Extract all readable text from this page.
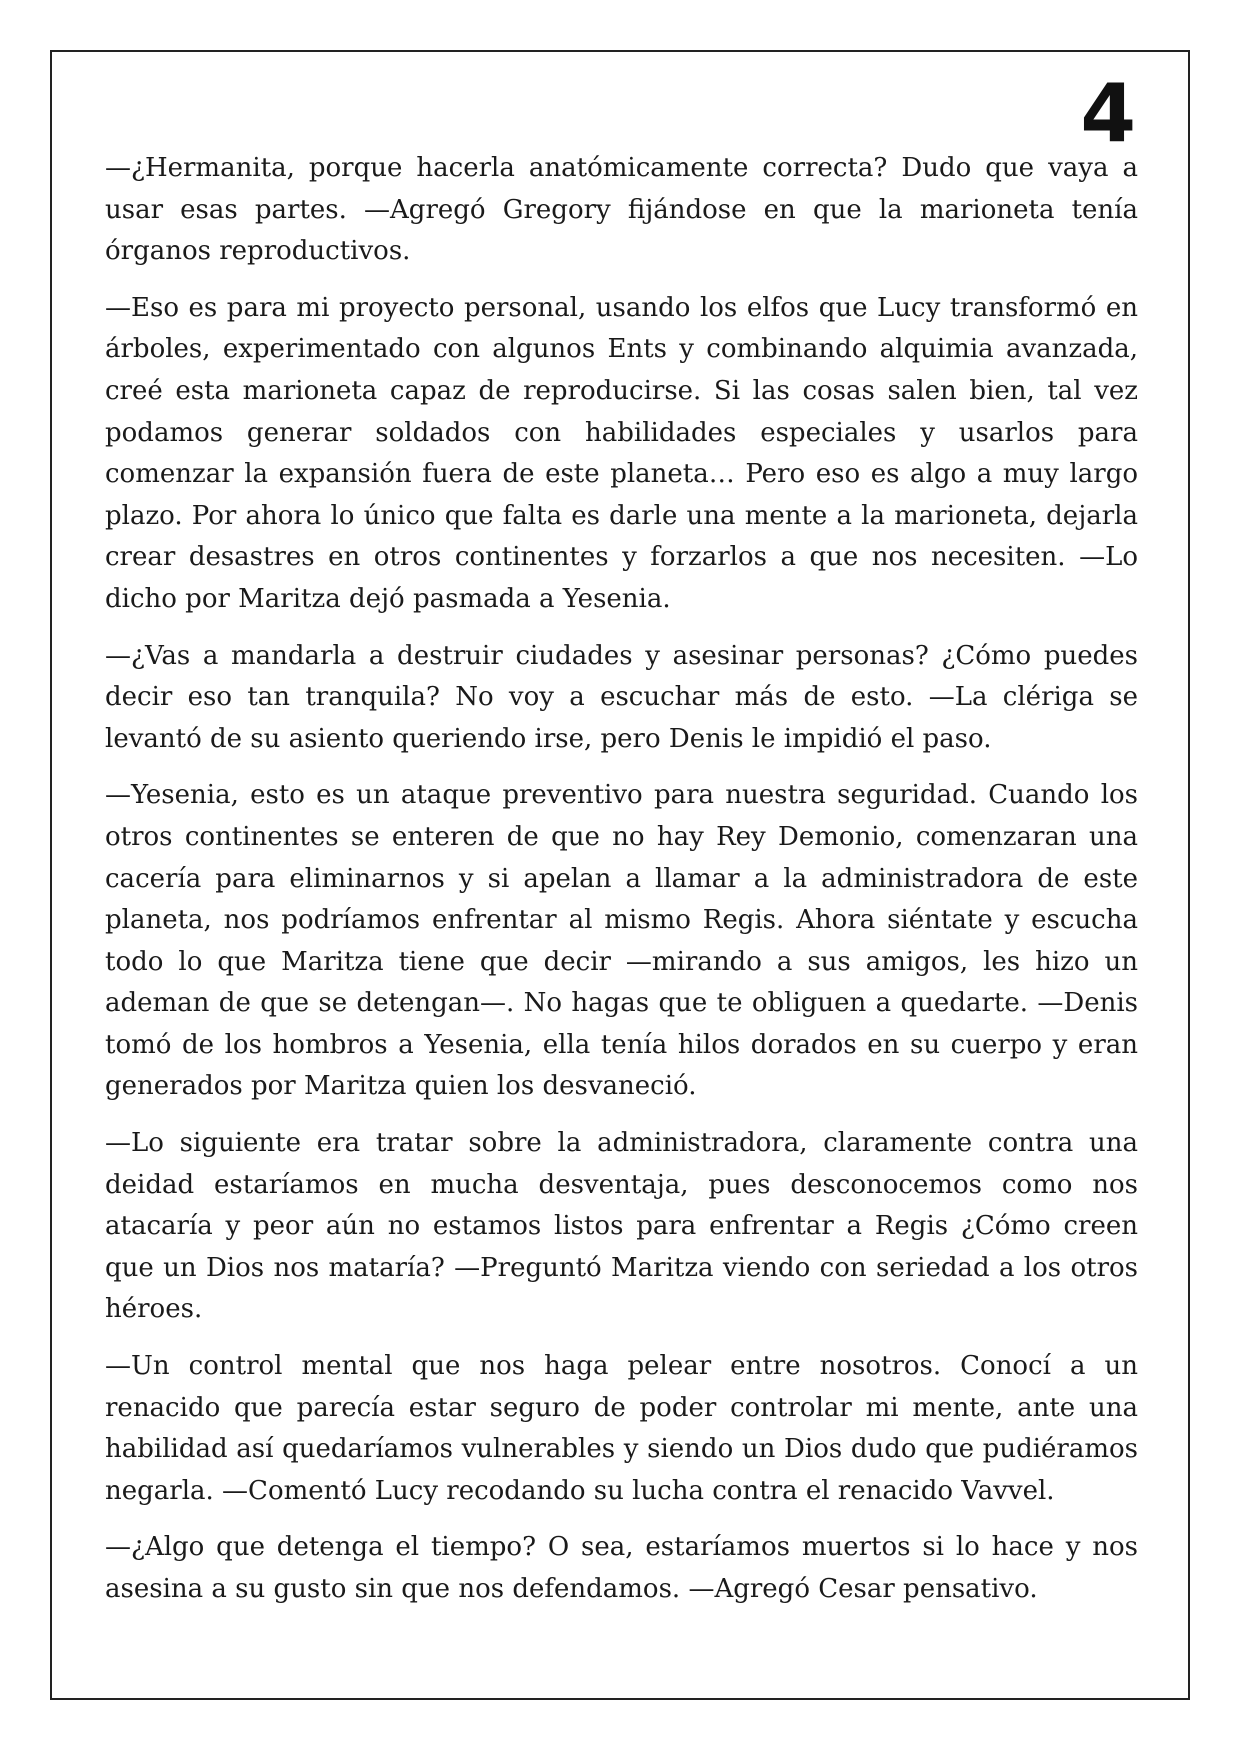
4

—¿Hermanita, porque hacerla anatómicamente correcta? Dudo que vaya a usar esas partes. —Agregó Gregory fijándose en que la marioneta tenía órganos reproductivos.

—Eso es para mi proyecto personal, usando los elfos que Lucy transformó en árboles, experimentado con algunos Ents y combinando alquimia avanzada, creé esta marioneta capaz de reproducirse. Si las cosas salen bien, tal vez podamos generar soldados con habilidades especiales y usarlos para comenzar la expansión fuera de este planeta… Pero eso es algo a muy largo plazo. Por ahora lo único que falta es darle una mente a la marioneta, dejarla crear desastres en otros continentes y forzarlos a que nos necesiten. —Lo dicho por Maritza dejó pasmada a Yesenia.

—¿Vas a mandarla a destruir ciudades y asesinar personas? ¿Cómo puedes decir eso tan tranquila? No voy a escuchar más de esto. —La clériga se levantó de su asiento queriendo irse, pero Denis le impidió el paso.

—Yesenia, esto es un ataque preventivo para nuestra seguridad. Cuando los otros continentes se enteren de que no hay Rey Demonio, comenzaran una cacería para eliminarnos y si apelan a llamar a la administradora de este planeta, nos podríamos enfrentar al mismo Regis. Ahora siéntate y escucha todo lo que Maritza tiene que decir —mirando a sus amigos, les hizo un ademan de que se detengan—. No hagas que te obliguen a quedarte. —Denis tomó de los hombros a Yesenia, ella tenía hilos dorados en su cuerpo y eran generados por Maritza quien los desvaneció.

—Lo siguiente era tratar sobre la administradora, claramente contra una deidad estaríamos en mucha desventaja, pues desconocemos como nos atacaría y peor aún no estamos listos para enfrentar a Regis ¿Cómo creen que un Dios nos mataría? —Preguntó Maritza viendo con seriedad a los otros héroes.

—Un control mental que nos haga pelear entre nosotros. Conocí a un renacido que parecía estar seguro de poder controlar mi mente, ante una habilidad así quedaríamos vulnerables y siendo un Dios dudo que pudiéramos negarla. —Comentó Lucy recodando su lucha contra el renacido Vavvel.

—¿Algo que detenga el tiempo? O sea, estaríamos muertos si lo hace y nos asesina a su gusto sin que nos defendamos. —Agregó Cesar pensativo.
